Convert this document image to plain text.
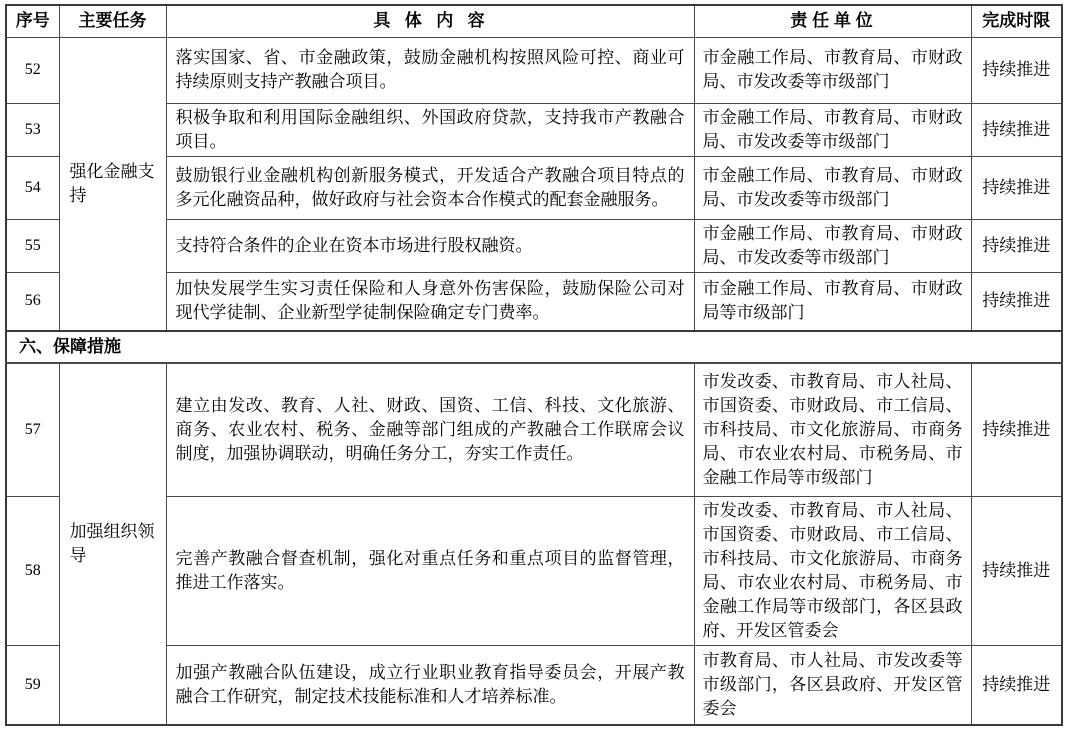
序号	主要任务	具体内容	责任单位	完成时限
52	强化金融支持	落实国家、省、市金融政策，鼓励金融机构按照风险可控、商业可持续原则支持产教融合项目。	市金融工作局、市教育局、市财政局、市发改委等市级部门	持续推进
53		积极争取和利用国际金融组织、外国政府贷款，支持我市产教融合项目。	市金融工作局、市教育局、市财政局、市发改委等市级部门	持续推进
54		鼓励银行业金融机构创新服务模式，开发适合产教融合项目特点的多元化融资品种，做好政府与社会资本合作模式的配套金融服务。	市金融工作局、市教育局、市财政局、市发改委等市级部门	持续推进
55		支持符合条件的企业在资本市场进行股权融资。	市金融工作局、市教育局、市财政局、市发改委等市级部门	持续推进
56		加快发展学生实习责任保险和人身意外伤害保险，鼓励保险公司对现代学徒制、企业新型学徒制保险确定专门费率。	市金融工作局、市教育局、市财政局等市级部门	持续推进
六、保障措施				
57	加强组织领导	建立由发改、教育、人社、财政、国资、工信、科技、文化旅游、商务、农业农村、税务、金融等部门组成的产教融合工作联席会议制度，加强协调联动，明确任务分工，夯实工作责任。	市发改委、市教育局、市人社局、市国资委、市财政局、市工信局、市科技局、市文化旅游局、市商务局、市农业农村局、市税务局、市金融工作局等市级部门	持续推进
58		完善产教融合督查机制，强化对重点任务和重点项目的监督管理，推进工作落实。	市发改委、市教育局、市人社局、市国资委、市财政局、市工信局、市科技局、市文化旅游局、市商务局、市农业农村局、市税务局、市金融工作局等市级部门，各区县政府、开发区管委会	持续推进
59		加强产教融合队伍建设，成立行业职业教育指导委员会，开展产教融合工作研究，制定技术技能标准和人才培养标准。	市教育局、市人社局、市发改委等市级部门，各区县政府、开发区管委会	持续推进
